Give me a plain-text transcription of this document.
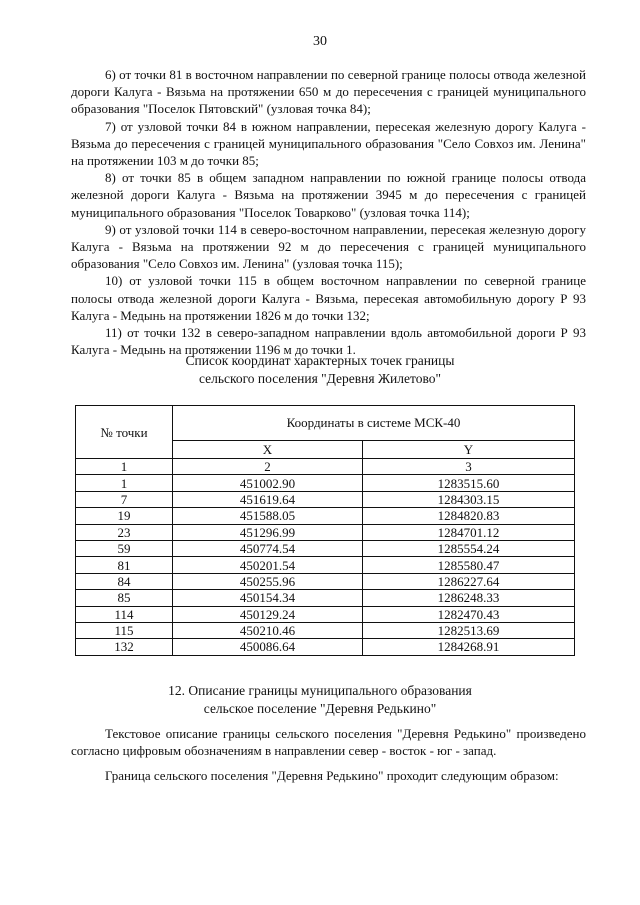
30

6) от точки 81 в восточном направлении по северной границе полосы отвода железной дороги Калуга - Вязьма на протяжении 650 м до пересечения с границей муниципального образования "Поселок Пятовский" (узловая точка 84);

7) от узловой точки 84 в южном направлении, пересекая железную дорогу Калуга - Вязьма до пересечения с границей муниципального образования "Село Совхоз им. Ленина" на протяжении 103 м до точки 85;

8) от точки 85 в общем западном направлении по южной границе полосы отвода железной дороги Калуга - Вязьма на протяжении 3945 м до пересечения с границей муниципального образования "Поселок Товарково" (узловая точка 114);

9) от узловой точки 114 в северо-восточном направлении, пересекая железную дорогу Калуга - Вязьма на протяжении 92 м до пересечения с границей муниципального образования "Село Совхоз им. Ленина" (узловая точка 115);

10) от узловой точки 115 в общем восточном направлении по северной границе полосы отвода железной дороги Калуга - Вязьма, пересекая автомобильную дорогу Р 93 Калуга - Медынь на протяжении 1826 м до точки 132;

11) от точки 132 в северо-западном направлении вдоль автомобильной дороги Р 93 Калуга - Медынь на протяжении 1196 м до точки 1.

Список координат характерных точек границы

сельского поселения "Деревня Жилетово"

№ точки	Координаты в системе МСК-40	
	X	Y
1	2	3
1	451002.90	1283515.60
7	451619.64	1284303.15
19	451588.05	1284820.83
23	451296.99	1284701.12
59	450774.54	1285554.24
81	450201.54	1285580.47
84	450255.96	1286227.64
85	450154.34	1286248.33
114	450129.24	1282470.43
115	450210.46	1282513.69
132	450086.64	1284268.91

12. Описание границы муниципального образования

сельское поселение "Деревня Редькино"

Текстовое описание границы сельского поселения "Деревня Редькино" произведено согласно цифровым обозначениям в направлении север - восток - юг - запад.

Граница сельского поселения "Деревня Редькино" проходит следующим образом:
